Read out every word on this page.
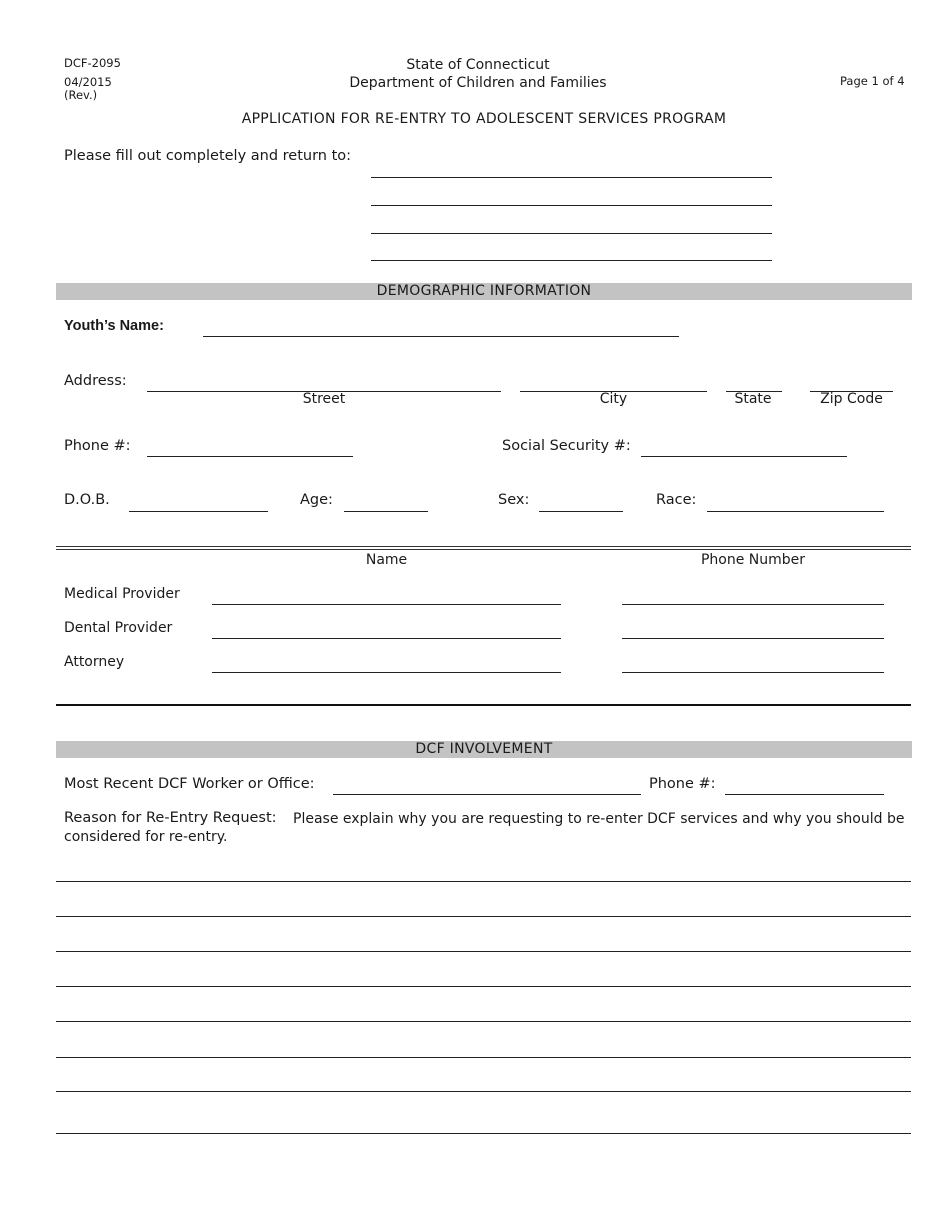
DCF-2095
04/2015
(Rev.)
State of Connecticut
Department of Children and Families	Page 1 of 4
APPLICATION FOR RE-ENTRY TO ADOLESCENT SERVICES PROGRAM
Please fill out completely and return to:
DEMOGRAPHIC INFORMATION
Youth’s Name:
Address:
Street	City	State	Zip Code
Phone #:	Social Security #:
D.O.B.	Age:	Sex:	Race:
Name	Phone Number
Medical Provider
Dental Provider
Attorney
DCF INVOLVEMENT
Most Recent DCF Worker or Office:	Phone #:
Reason for Re-Entry Request: Please explain why you are requesting to re-enter DCF services and why you should be
considered for re-entry.
